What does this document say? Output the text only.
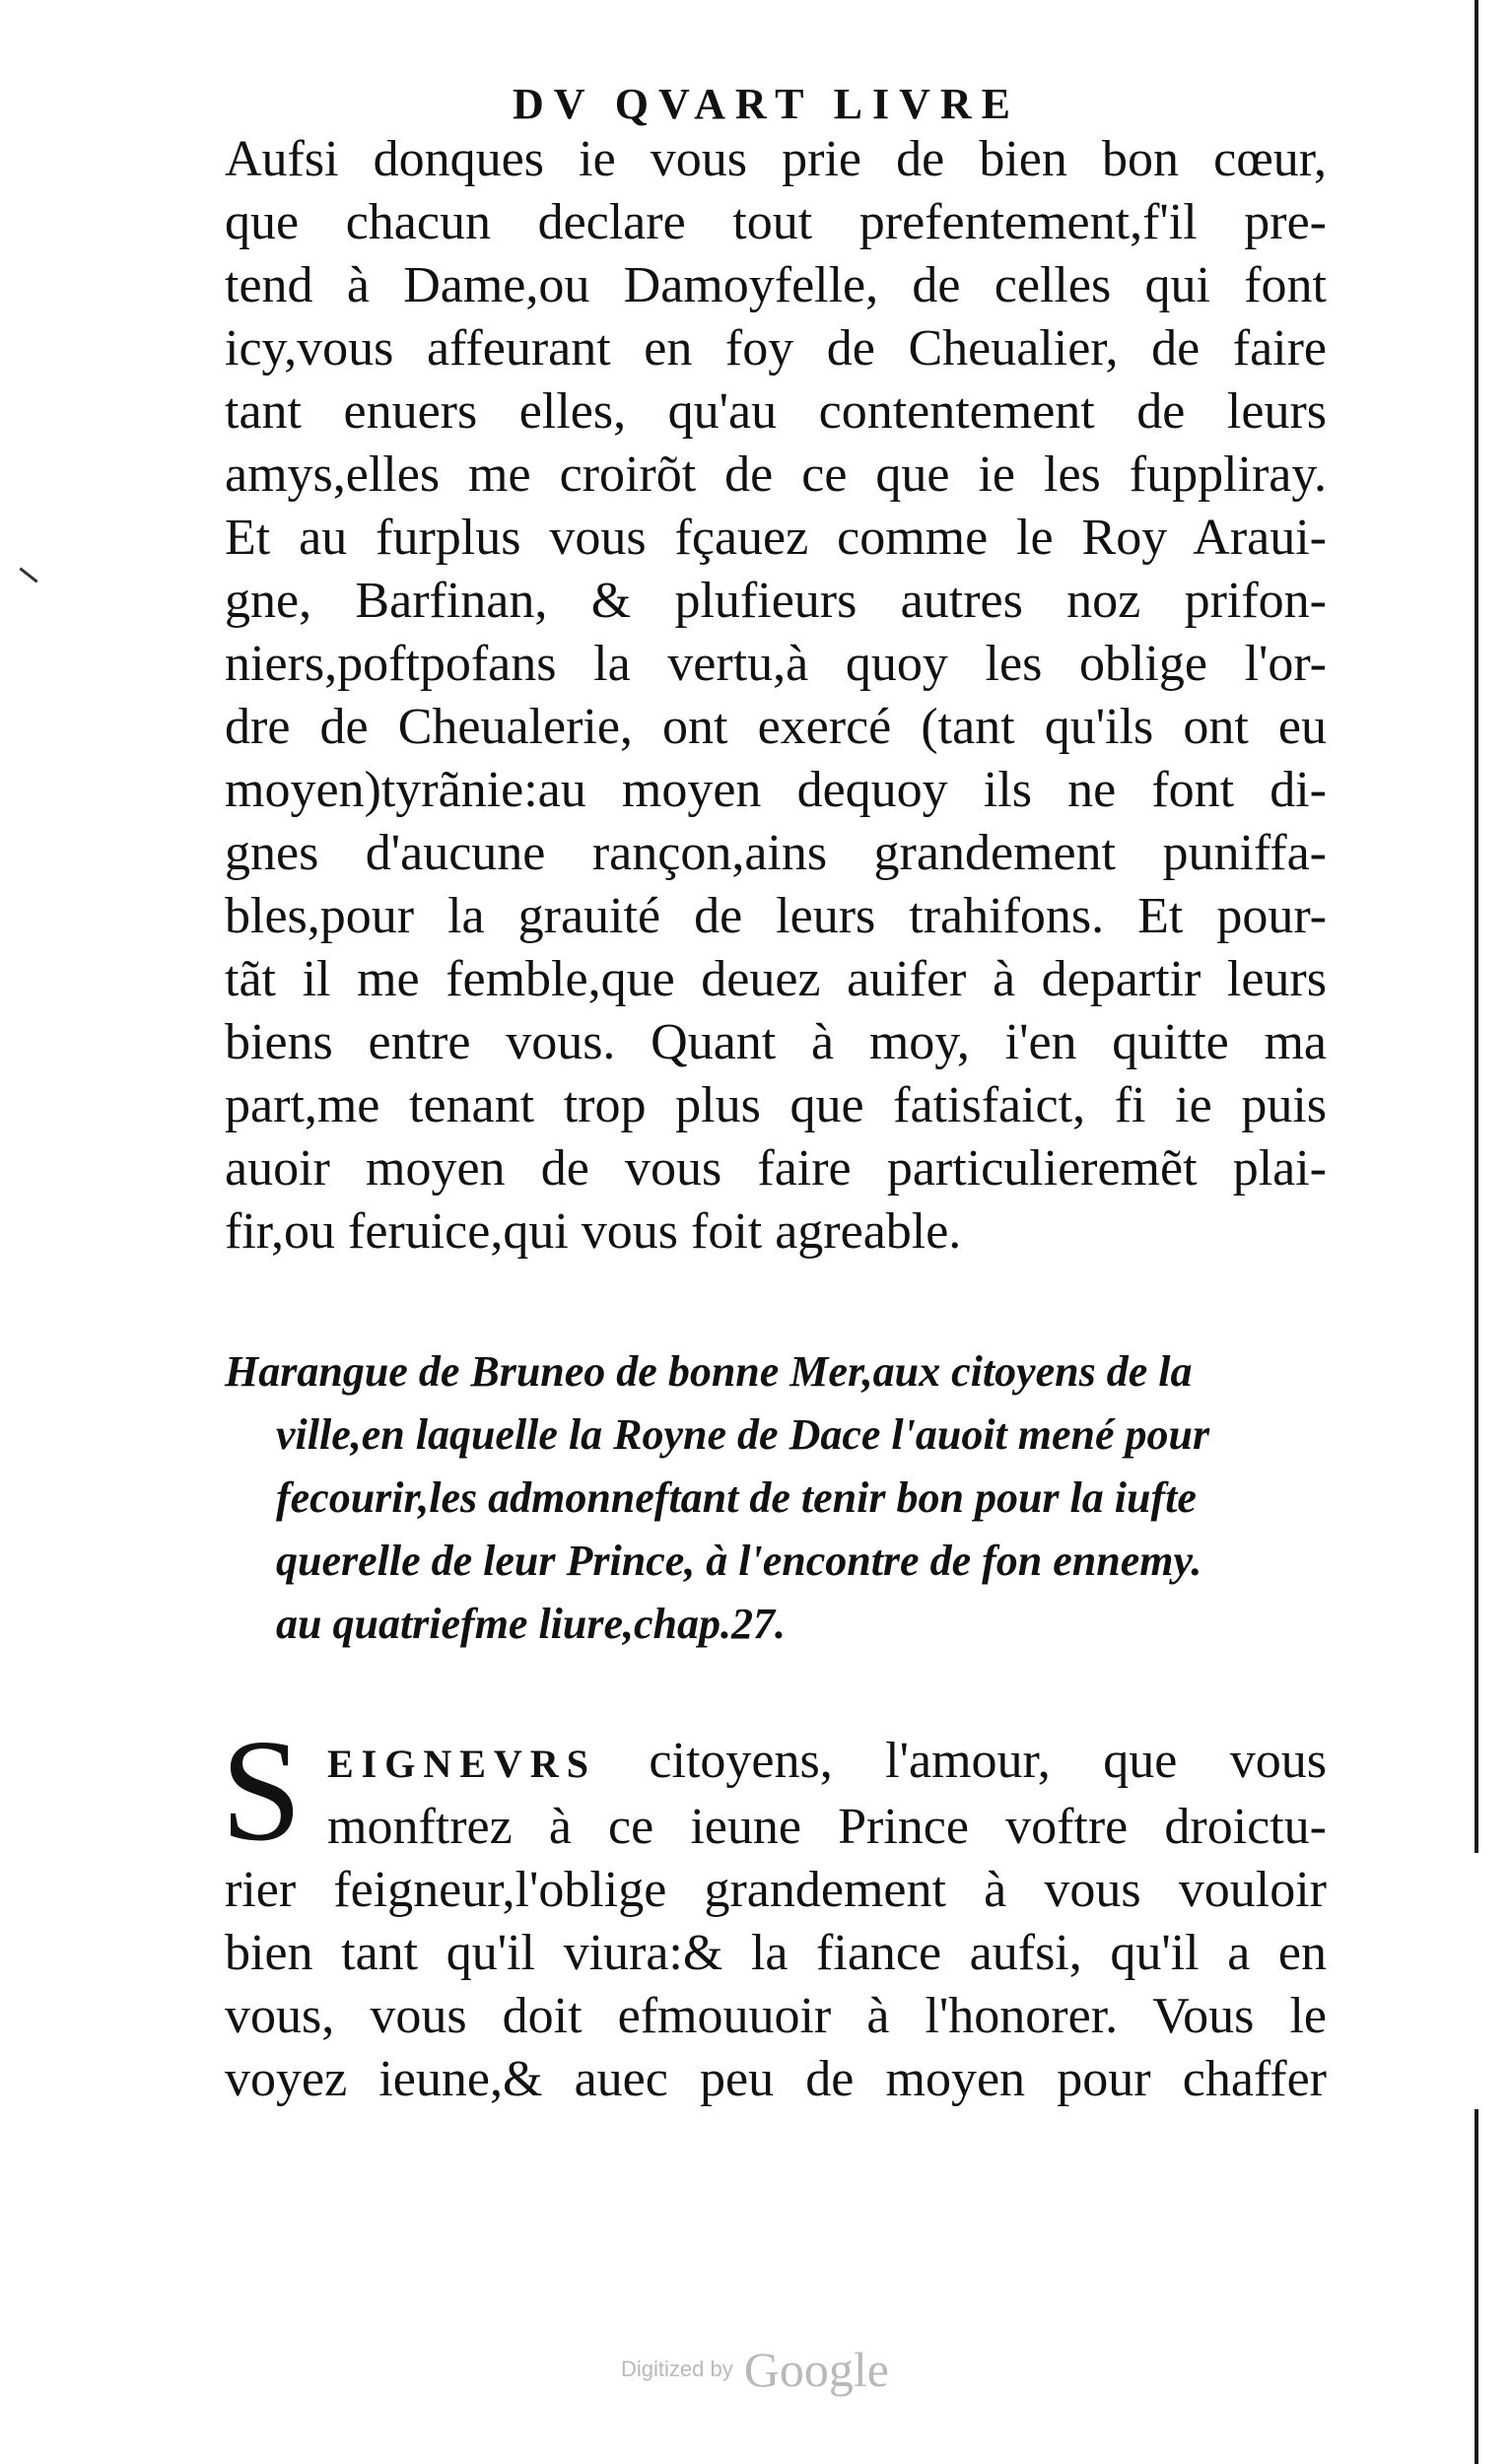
DV QVART LIVRE
Aufsi donques ie vous prie de bien bon cœur,
que chacun declare tout prefentement,f'il pre-
tend à Dame,ou Damoyfelle, de celles qui font
icy,vous affeurant en foy de Cheualier, de faire
tant enuers elles, qu'au contentement de leurs
amys,elles me croirõt de ce que ie les fuppliray.
Et au furplus vous fçauez comme le Roy Araui-
gne, Barfinan, & plufieurs autres noz prifon-
niers,poftpofans la vertu,à quoy les oblige l'or-
dre de Cheualerie, ont exercé (tant qu'ils ont eu
moyen)tyrãnie:au moyen dequoy ils ne font di-
gnes d'aucune rançon,ains grandement puniffa-
bles,pour la grauité de leurs trahifons. Et pour-
tãt il me femble,que deuez auifer à departir leurs
biens entre vous. Quant à moy, i'en quitte ma
part,me tenant trop plus que fatisfaict, fi ie puis
auoir moyen de vous faire particulieremẽt plai-
fir,ou feruice,qui vous foit agreable.
Harangue de Bruneo de bonne Mer,aux citoyens de la
ville,en laquelle la Royne de Dace l'auoit mené pour
fecourir,les admonneftant de tenir bon pour la iufte
querelle de leur Prince, à l'encontre de fon ennemy.
au quatriefme liure,chap.27.
S EIGNEVRS citoyens, l'amour, que vous
monftrez à ce ieune Prince voftre droictu-
rier feigneur,l'oblige grandement à vous vouloir
bien tant qu'il viura:& la fiance aufsi, qu'il a en
vous, vous doit efmouuoir à l'honorer. Vous le
voyez ieune,& auec peu de moyen pour chaffer
Digitized by Google
